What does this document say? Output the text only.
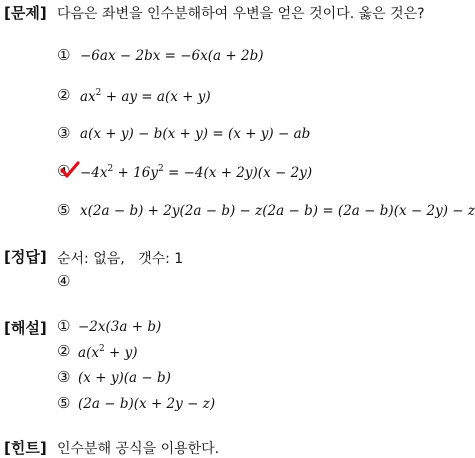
[문제] 다음은 좌변을 인수분해하여 우변을 얻은 것이다. 옳은 것은?
① −6ax − 2bx = −6x(a + 2b)
② $ax^2$ + ay = a(x + y)
③ a(x + y) − b(x + y) = (x + y) − ab
④ $-4x^2 + 16y^2 = -4(x + 2y)(x - 2y)$
⑤ x(2a − b) + 2y(2a − b) − z(2a − b) = (2a − b)(x − 2y) − z
[정답] 순서: 없음,   갯수: 1
④
[해설] ① −2x(3a + b)
② $a(x^2 + y)$
③ (x + y)(a − b)
⑤ (2a − b)(x + 2y − z)
[힌트] 인수분해 공식을 이용한다.
